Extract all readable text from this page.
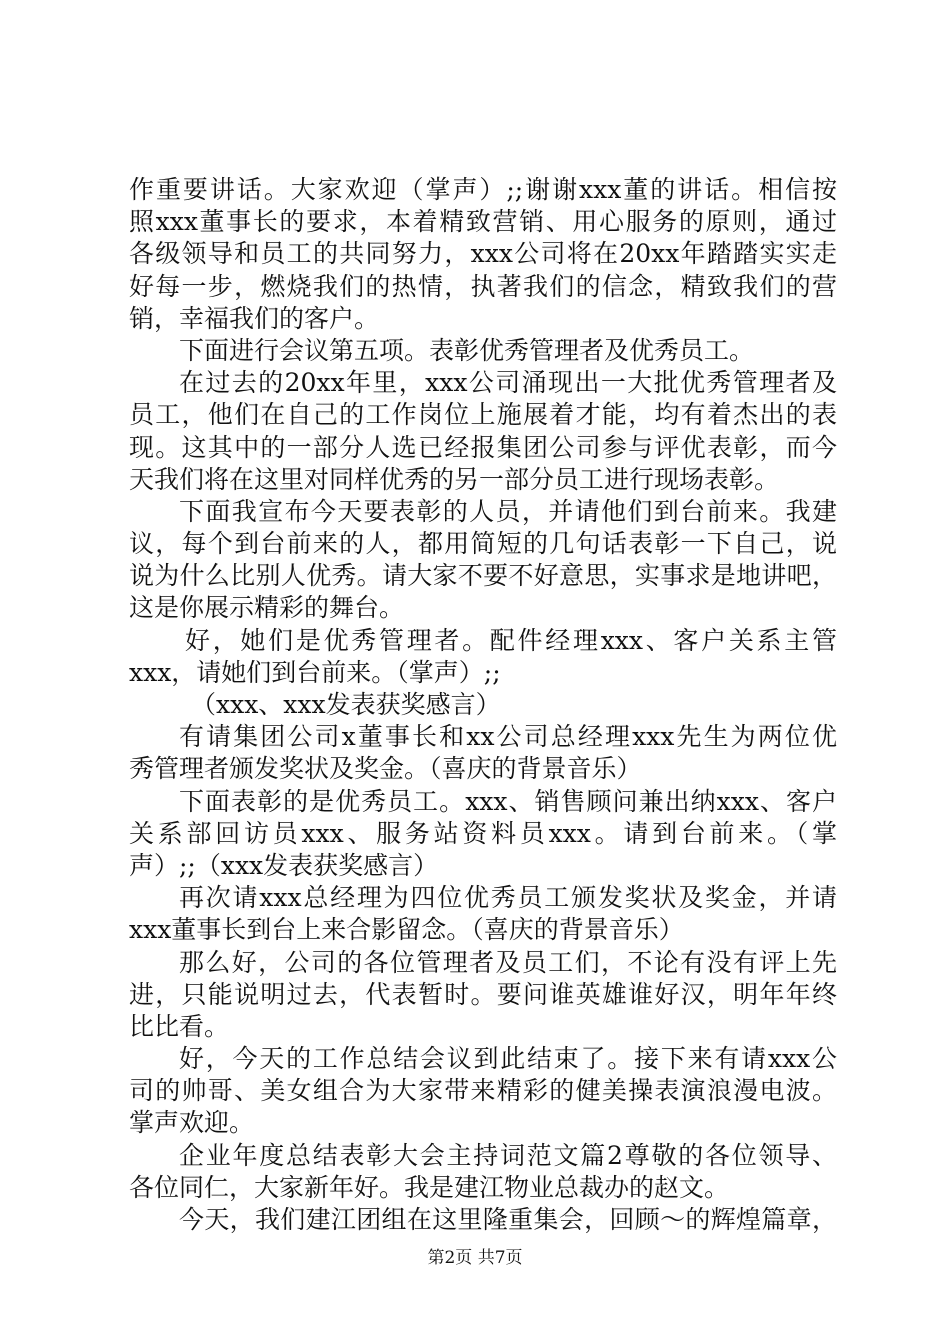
作重要讲话。大家欢迎（掌声）;;谢谢xxx董的讲话。相信按
照xxx董事长的要求，本着精致营销、用心服务的原则，通过
各级领导和员工的共同努力，xxx公司将在20xx年踏踏实实走
好每一步，燃烧我们的热情，执著我们的信念，精致我们的营
销，幸福我们的客户。
下面进行会议第五项。表彰优秀管理者及优秀员工。
在过去的20xx年里，xxx公司涌现出一大批优秀管理者及
员工，他们在自己的工作岗位上施展着才能，均有着杰出的表
现。这其中的一部分人选已经报集团公司参与评优表彰，而今
天我们将在这里对同样优秀的另一部分员工进行现场表彰。
下面我宣布今天要表彰的人员，并请他们到台前来。我建
议，每个到台前来的人，都用简短的几句话表彰一下自己，说
说为什么比别人优秀。请大家不要不好意思，实事求是地讲吧，
这是你展示精彩的舞台。
好，她们是优秀管理者。配件经理xxx、客户关系主管
xxx，请她们到台前来。（掌声）;;
（xxx、xxx发表获奖感言）
有请集团公司x董事长和xx公司总经理xxx先生为两位优
秀管理者颁发奖状及奖金。（喜庆的背景音乐）
下面表彰的是优秀员工。xxx、销售顾问兼出纳xxx、客户
关系部回访员xxx、服务站资料员xxx。请到台前来。（掌
声）;;（xxx发表获奖感言）
再次请xxx总经理为四位优秀员工颁发奖状及奖金，并请
xxx董事长到台上来合影留念。（喜庆的背景音乐）
那么好，公司的各位管理者及员工们，不论有没有评上先
进，只能说明过去，代表暂时。要问谁英雄谁好汉，明年年终
比比看。
好，今天的工作总结会议到此结束了。接下来有请xxx公
司的帅哥、美女组合为大家带来精彩的健美操表演浪漫电波。
掌声欢迎。
企业年度总结表彰大会主持词范文篇2尊敬的各位领导、
各位同仁，大家新年好。我是建江物业总裁办的赵文。
今天，我们建江团组在这里隆重集会，回顾～的辉煌篇章，
第2页 共7页
